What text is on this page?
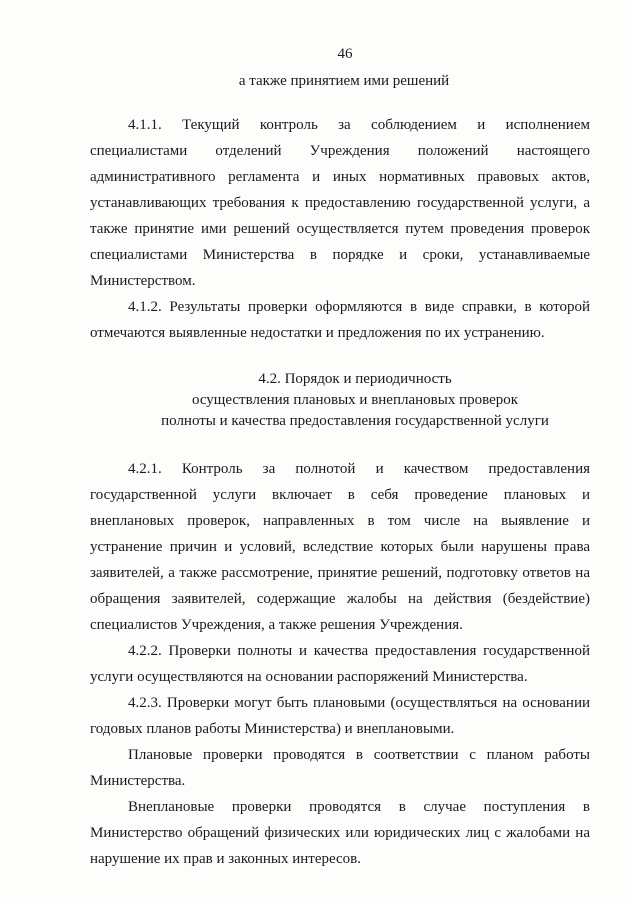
46
а также принятием ими решений

4.1.1. Текущий контроль за соблюдением и исполнением специалистами отделений Учреждения положений настоящего административного регламента и иных нормативных правовых актов, устанавливающих требования к предоставлению государственной услуги, а также принятие ими решений осуществляется путем проведения проверок специалистами Министерства в порядке и сроки, устанавливаемые Министерством.

4.1.2. Результаты проверки оформляются в виде справки, в которой отмечаются выявленные недостатки и предложения по их устранению.

4.2. Порядок и периодичность
осуществления плановых и внеплановых проверок
полноты и качества предоставления государственной услуги

4.2.1. Контроль за полнотой и качеством предоставления государственной услуги включает в себя проведение плановых и внеплановых проверок, направленных в том числе на выявление и устранение причин и условий, вследствие которых были нарушены права заявителей, а также рассмотрение, принятие решений, подготовку ответов на обращения заявителей, содержащие жалобы на действия (бездействие) специалистов Учреждения, а также решения Учреждения.

4.2.2. Проверки полноты и качества предоставления государственной услуги осуществляются на основании распоряжений Министерства.

4.2.3. Проверки могут быть плановыми (осуществляться на основании годовых планов работы Министерства) и внеплановыми.

Плановые проверки проводятся в соответствии с планом работы Министерства.

Внеплановые проверки проводятся в случае поступления в Министерство обращений физических или юридических лиц с жалобами на нарушение их прав и законных интересов.
